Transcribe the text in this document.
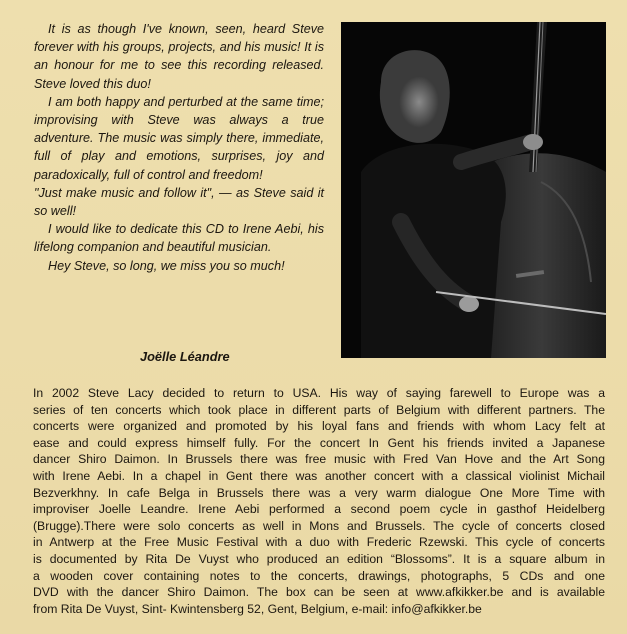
It is as though I've known, seen, heard Steve forever with his groups, projects, and his music! It is an honour for me to see this recording released. Steve loved this duo!

I am both happy and perturbed at the same time; improvising with Steve was always a true adventure. The music was simply there, immediate, full of play and emotions, surprises, joy and paradoxically, full of control and freedom!

"Just make music and follow it", — as Steve said it so well!

I would like to dedicate this CD to Irene Aebi, his lifelong companion and beautiful musician.

Hey Steve, so long, we miss you so much!

Joëlle Léandre
In 2002 Steve Lacy decided to return to USA. His way of saying farewell to Europe was a
series of ten concerts which took place in different parts of Belgium with different partners. The
concerts were organized and promoted by his loyal fans and friends with whom Lacy felt at
ease and could express himself fully. For the concert In Gent his friends invited a Japanese
dancer Shiro Daimon. In Brussels there was free music with Fred Van Hove and the Art Song
with Irene Aebi. In a chapel in Gent there was another concert with a classical violinist Michail
Bezverkhny. In cafe Belga in Brussels there was a very warm dialogue One More Time with
improviser Joelle Leandre. Irene Aebi performed a second poem cycle in gasthof Heidelberg
(Brugge).There were solo concerts as well in Mons and Brussels. The cycle of concerts closed
in Antwerp at the Free Music Festival with a duo with Frederic Rzewski. This cycle of concerts
is documented by Rita De Vuyst who produced an edition “Blossoms”. It is a square album in
a wooden cover containing notes to the concerts, drawings, photographs, 5 CDs and one
DVD with the dancer Shiro Daimon. The box can be seen at www.afkikker.be and is available
from Rita De Vuyst, Sint- Kwintensberg 52, Gent, Belgium, e-mail: info@afkikker.be
